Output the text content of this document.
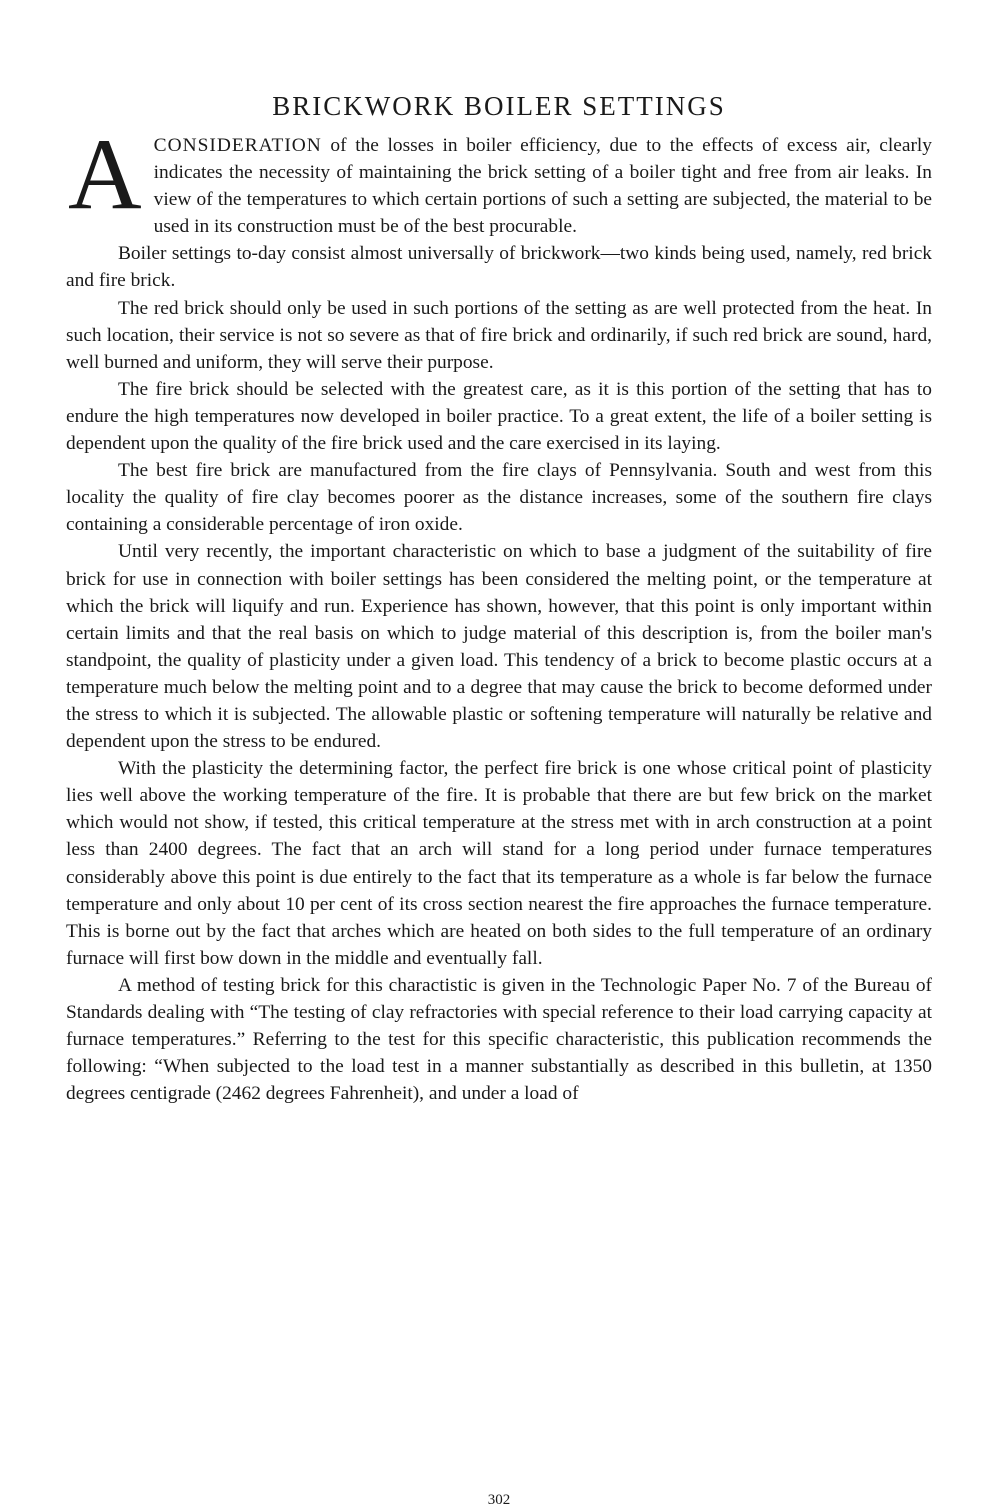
BRICKWORK BOILER SETTINGS

ACONSIDERATION of the losses in boiler efficiency, due to the effects of excess air, clearly indicates the necessity of maintaining the brick setting of a boiler tight and free from air leaks. In view of the temperatures to which certain portions of such a setting are subjected, the material to be used in its construction must be of the best procurable.

Boiler settings to-day consist almost universally of brickwork—two kinds being used, namely, red brick and fire brick.

The red brick should only be used in such portions of the setting as are well protected from the heat. In such location, their service is not so severe as that of fire brick and ordinarily, if such red brick are sound, hard, well burned and uniform, they will serve their purpose.

The fire brick should be selected with the greatest care, as it is this portion of the setting that has to endure the high temperatures now developed in boiler practice. To a great extent, the life of a boiler setting is dependent upon the quality of the fire brick used and the care exercised in its laying.

The best fire brick are manufactured from the fire clays of Pennsylvania. South and west from this locality the quality of fire clay becomes poorer as the distance increases, some of the southern fire clays containing a considerable percentage of iron oxide.

Until very recently, the important characteristic on which to base a judgment of the suitability of fire brick for use in connection with boiler settings has been considered the melting point, or the temperature at which the brick will liquify and run. Experience has shown, however, that this point is only important within certain limits and that the real basis on which to judge material of this description is, from the boiler man's standpoint, the quality of plasticity under a given load. This tendency of a brick to become plastic occurs at a temperature much below the melting point and to a degree that may cause the brick to become deformed under the stress to which it is subjected. The allowable plastic or softening temperature will naturally be relative and dependent upon the stress to be endured.

With the plasticity the determining factor, the perfect fire brick is one whose critical point of plasticity lies well above the working temperature of the fire. It is probable that there are but few brick on the market which would not show, if tested, this critical temperature at the stress met with in arch construction at a point less than 2400 degrees. The fact that an arch will stand for a long period under furnace temperatures considerably above this point is due entirely to the fact that its temperature as a whole is far below the furnace temperature and only about 10 per cent of its cross section nearest the fire approaches the furnace temperature. This is borne out by the fact that arches which are heated on both sides to the full temperature of an ordinary furnace will first bow down in the middle and eventually fall.

A method of testing brick for this charactistic is given in the Technologic Paper No. 7 of the Bureau of Standards dealing with “The testing of clay refractories with special reference to their load carrying capacity at furnace temperatures.” Referring to the test for this specific characteristic, this publication recommends the following: “When subjected to the load test in a manner substantially as described in this bulletin, at 1350 degrees centigrade (2462 degrees Fahrenheit), and under a load of

302
